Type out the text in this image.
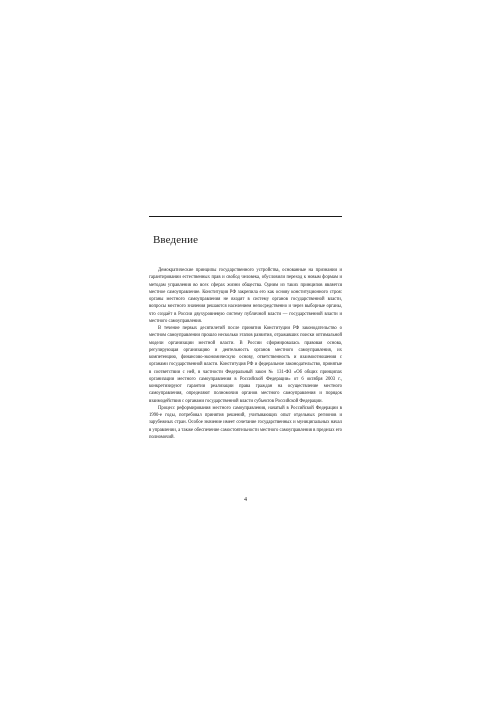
Введение

Демократические принципы государственного устройства, основанные на признании и гарантировании естественных прав и свобод человека, обусловили переход к новым формам и методам управления во всех сферах жизни общества. Одним из таких принципов является местное самоуправление. Конституция РФ закрепила его как основу конституционного строя: органы местного самоуправления не входят в систему органов государственной власти, вопросы местного значения решаются населением непосредственно и через выборные органы, что создаёт в России двухуровневую систему публичной власти — государственной власти и местного самоуправления.

В течение первых десятилетий после принятия Конституции РФ законодательство о местном самоуправлении прошло несколько этапов развития, отражавших поиски оптимальной модели организации местной власти. В России сформировалась правовая основа, регулирующая организацию и деятельность органов местного самоуправления, их компетенцию, финансово-экономическую основу, ответственность и взаимоотношения с органами государственной власти. Конституция РФ и федеральное законодательство, принятые в соответствии с ней, в частности Федеральный закон № 131-ФЗ «Об общих принципах организации местного самоуправления в Российской Федерации» от 6 октября 2003 г., конкретизируют гарантии реализации права граждан на осуществление местного самоуправления, определяют полномочия органов местного самоуправления и порядок взаимодействия с органами государственной власти субъектов Российской Федерации.

Процесс реформирования местного самоуправления, начатый в Российской Федерации в 1990-е годы, потребовал принятия решений, учитывающих опыт отдельных регионов и зарубежных стран. Особое значение имеет сочетание государственных и муниципальных начал в управлении, а также обеспечение самостоятельности местного самоуправления в пределах его полномочий.

4
